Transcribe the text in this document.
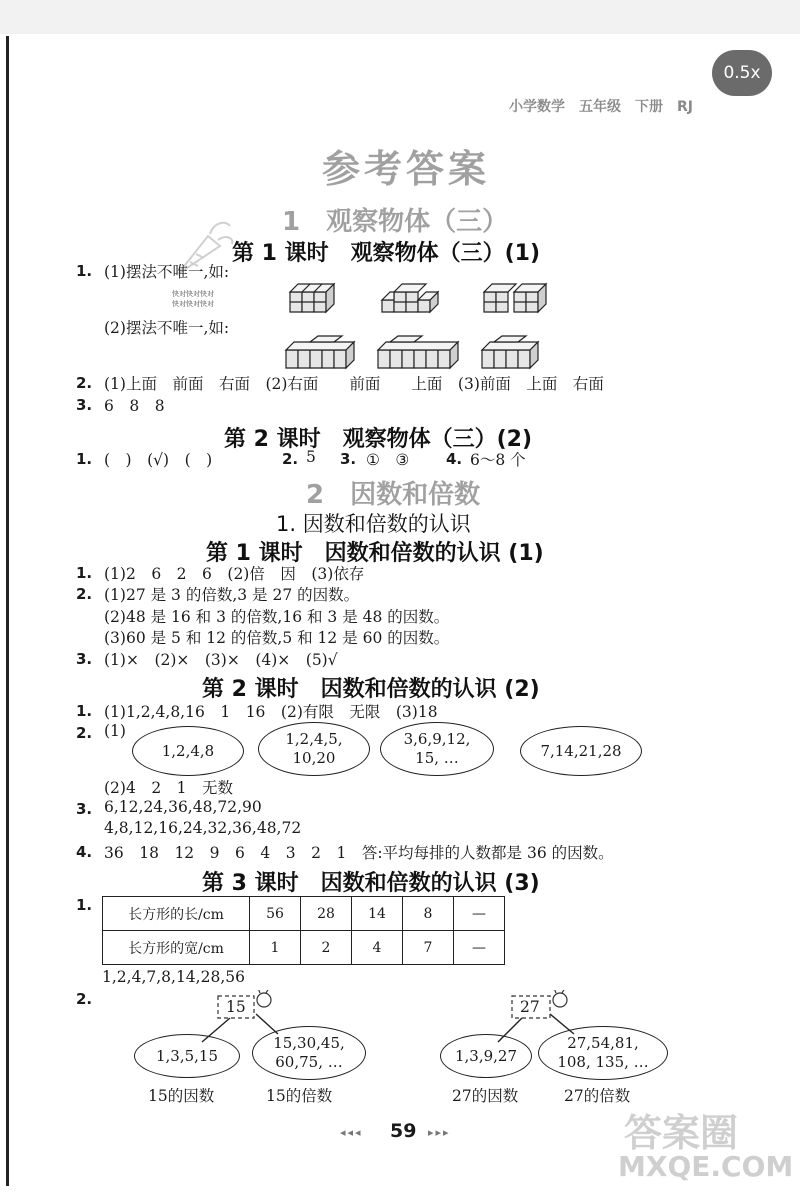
0.5x
小学数学　五年级　下册　RJ
参考答案
1　观察物体（三）
第 1 课时　观察物体（三）(1)
1. (1)摆法不唯一,如:
快对快对快对
快对快对快对
(2)摆法不唯一,如:
2. (1)上面　前面　右面　(2)右面　　前面　　上面　(3)前面　上面　右面
3. 6　8　8
第 2 课时　观察物体（三）(2)
1. (　)　(√)　(　)	2. 5 3. ①　③ 4. 6～8 个
2　因数和倍数
1. 因数和倍数的认识
第 1 课时　因数和倍数的认识 (1)
1. (1)2　6　2　6　(2)倍　因　(3)依存
2. (1)27 是 3 的倍数,3 是 27 的因数。
(2)48 是 16 和 3 的倍数,16 和 3 是 48 的因数。
(3)60 是 5 和 12 的倍数,5 和 12 是 60 的因数。
3. (1)×　(2)×　(3)×　(4)×　(5)√
第 2 课时　因数和倍数的认识 (2)
1. (1)1,2,4,8,16　1　16　(2)有限　无限　(3)18
2. (1)
1,2,4,8
1,2,4,5,
10,20
3,6,9,12,
15, …	7,14,21,28
(2)4　2　1　无数
3. 6,12,24,36,48,72,90
4,8,12,16,24,32,36,48,72
4. 36　18　12　9　6　4　3　2　1　答:平均每排的人数都是 36 的因数。
第 3 课时　因数和倍数的认识 (3)
1.
长方形的长/cm	56	28	14	8	—
长方形的宽/cm	1	2	4	7	—
1,2,4,7,8,14,28,56
2.	15
1,3,5,15
15,30,45,
60,75, …
15的因数	15的倍数
27
1,3,9,27
27,54,81,
108, 135, …
27的因数	27的倍数
◂◂◂ 59 ▸▸▸	答案圈
MXQE.COM
